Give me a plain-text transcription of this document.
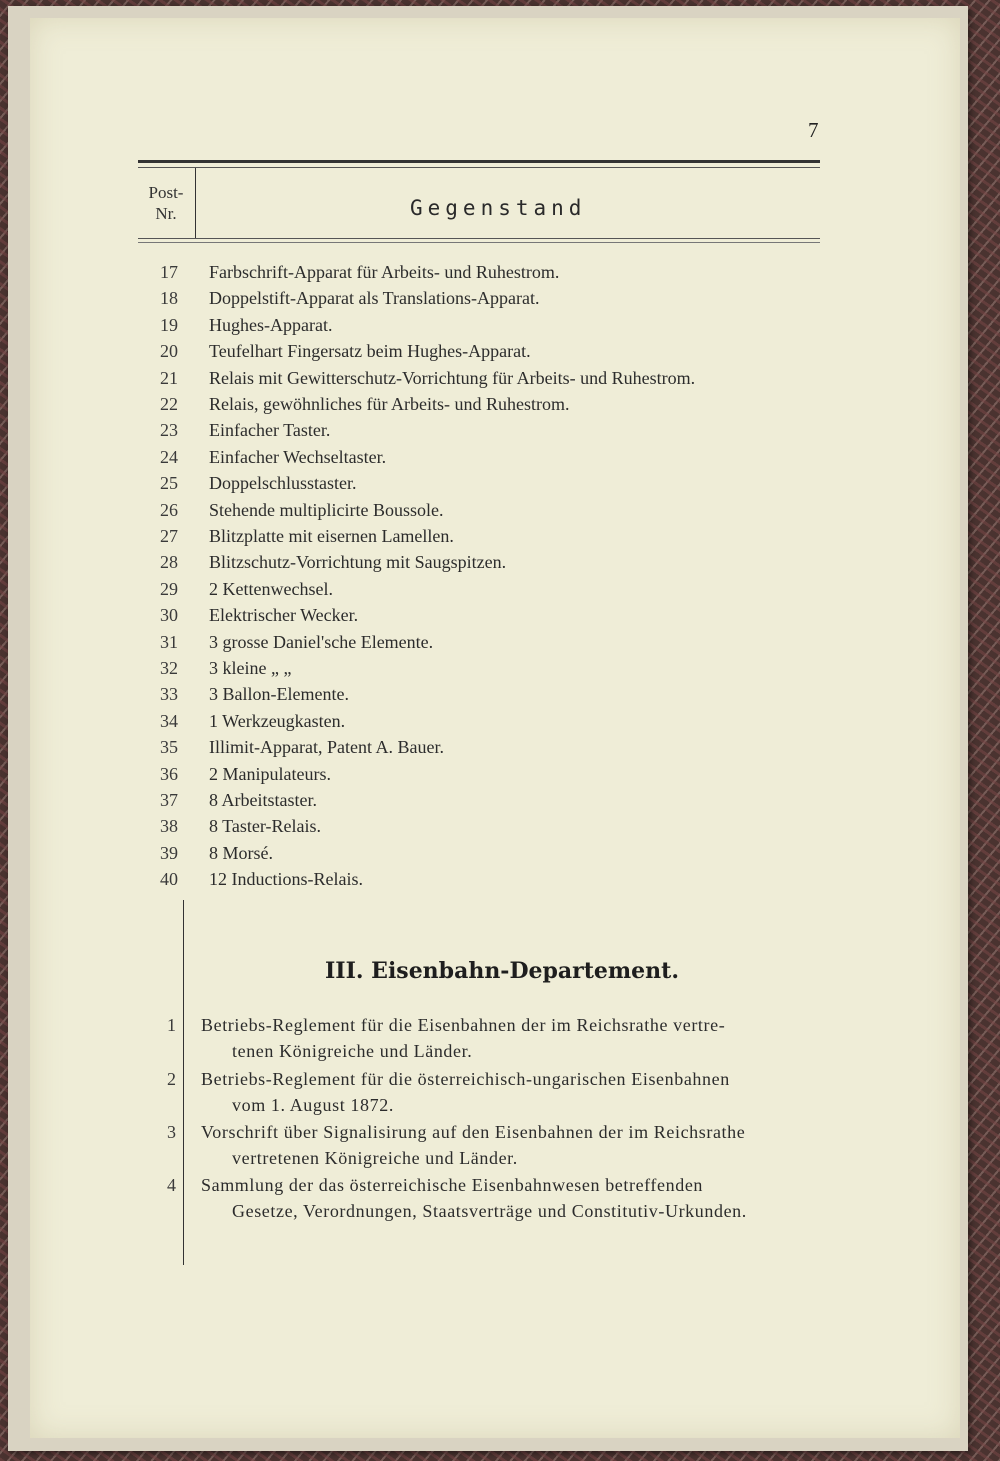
7
Post-
Nr.	Gegenstand
17 Farbschrift-Apparat für Arbeits- und Ruhestrom.
18 Doppelstift-Apparat als Translations-Apparat.
19 Hughes-Apparat.
20 Teufelhart Fingersatz beim Hughes-Apparat.
21 Relais mit Gewitterschutz-Vorrichtung für Arbeits- und Ruhestrom.
22 Relais, gewöhnliches für Arbeits- und Ruhestrom.
23 Einfacher Taster.
24 Einfacher Wechseltaster.
25 Doppelschlusstaster.
26 Stehende multiplicirte Boussole.
27 Blitzplatte mit eisernen Lamellen.
28 Blitzschutz-Vorrichtung mit Saugspitzen.
29 2 Kettenwechsel.
30 Elektrischer Wecker.
31 3 grosse Daniel'sche Elemente.
32 3 kleine „ „
33 3 Ballon-Elemente.
34 1 Werkzeugkasten.
35 Illimit-Apparat, Patent A. Bauer.
36 2 Manipulateurs.
37 8 Arbeitstaster.
38 8 Taster-Relais.
39 8 Morsé.
40 12 Inductions-Relais.
III. Eisenbahn-Departement.
1 Betriebs-Reglement für die Eisenbahnen der im Reichsrathe vertre-
tenen Königreiche und Länder.
2 Betriebs-Reglement für die österreichisch-ungarischen Eisenbahnen
vom 1. August 1872.
3 Vorschrift über Signalisirung auf den Eisenbahnen der im Reichsrathe
vertretenen Königreiche und Länder.
4 Sammlung der das österreichische Eisenbahnwesen betreffenden
Gesetze, Verordnungen, Staatsverträge und Constitutiv-Urkunden.
